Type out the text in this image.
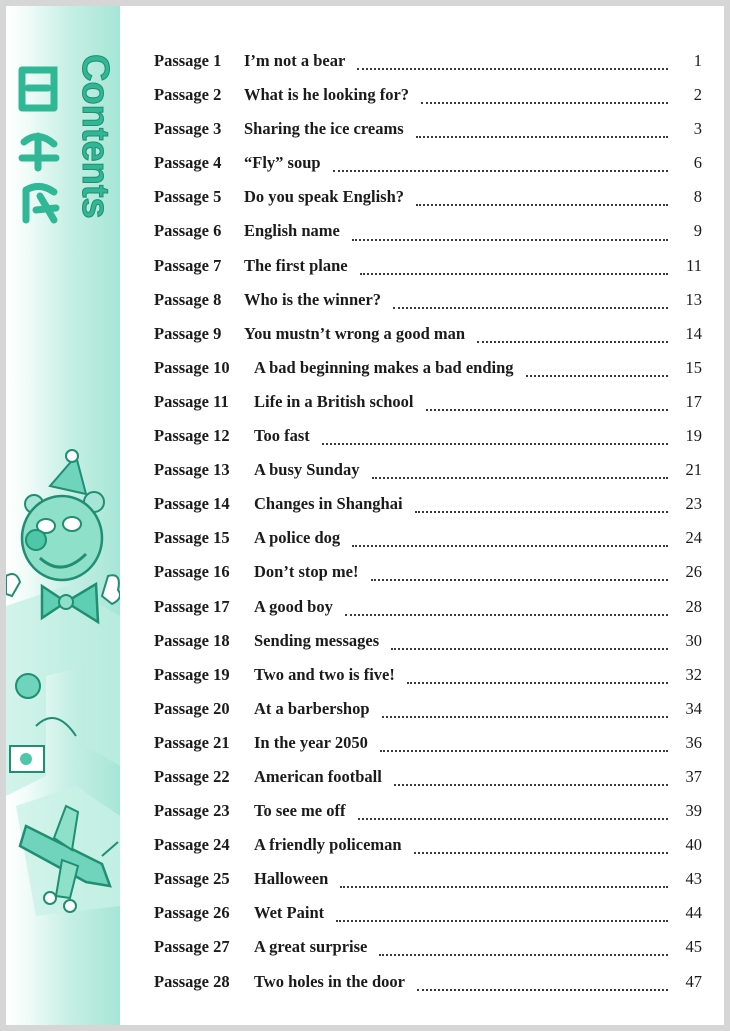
Contents Passage 1	I’m not a bear	1
Passage 2	What is he looking for?	2
Passage 3	Sharing the ice creams	3
Passage 4	“Fly” soup	6
Passage 5	Do you speak English?	8
Passage 6	English name	9
Passage 7	The first plane	11
Passage 8	Who is the winner?	13
Passage 9	You mustn’t wrong a good man	14
Passage 10	A bad beginning makes a bad ending	15
Passage 11	Life in a British school	17
Passage 12	Too fast	19
Passage 13	A busy Sunday	21
Passage 14	Changes in Shanghai	23
Passage 15	A police dog	24
Passage 16	Don’t stop me!	26
Passage 17	A good boy	28
Passage 18	Sending messages	30
Passage 19	Two and two is five!	32
Passage 20	At a barbershop	34
Passage 21	In the year 2050	36
Passage 22	American football	37
Passage 23	To see me off	39
Passage 24	A friendly policeman	40
Passage 25	Halloween	43
Passage 26	Wet Paint	44
Passage 27	A great surprise	45
Passage 28	Two holes in the door	47
